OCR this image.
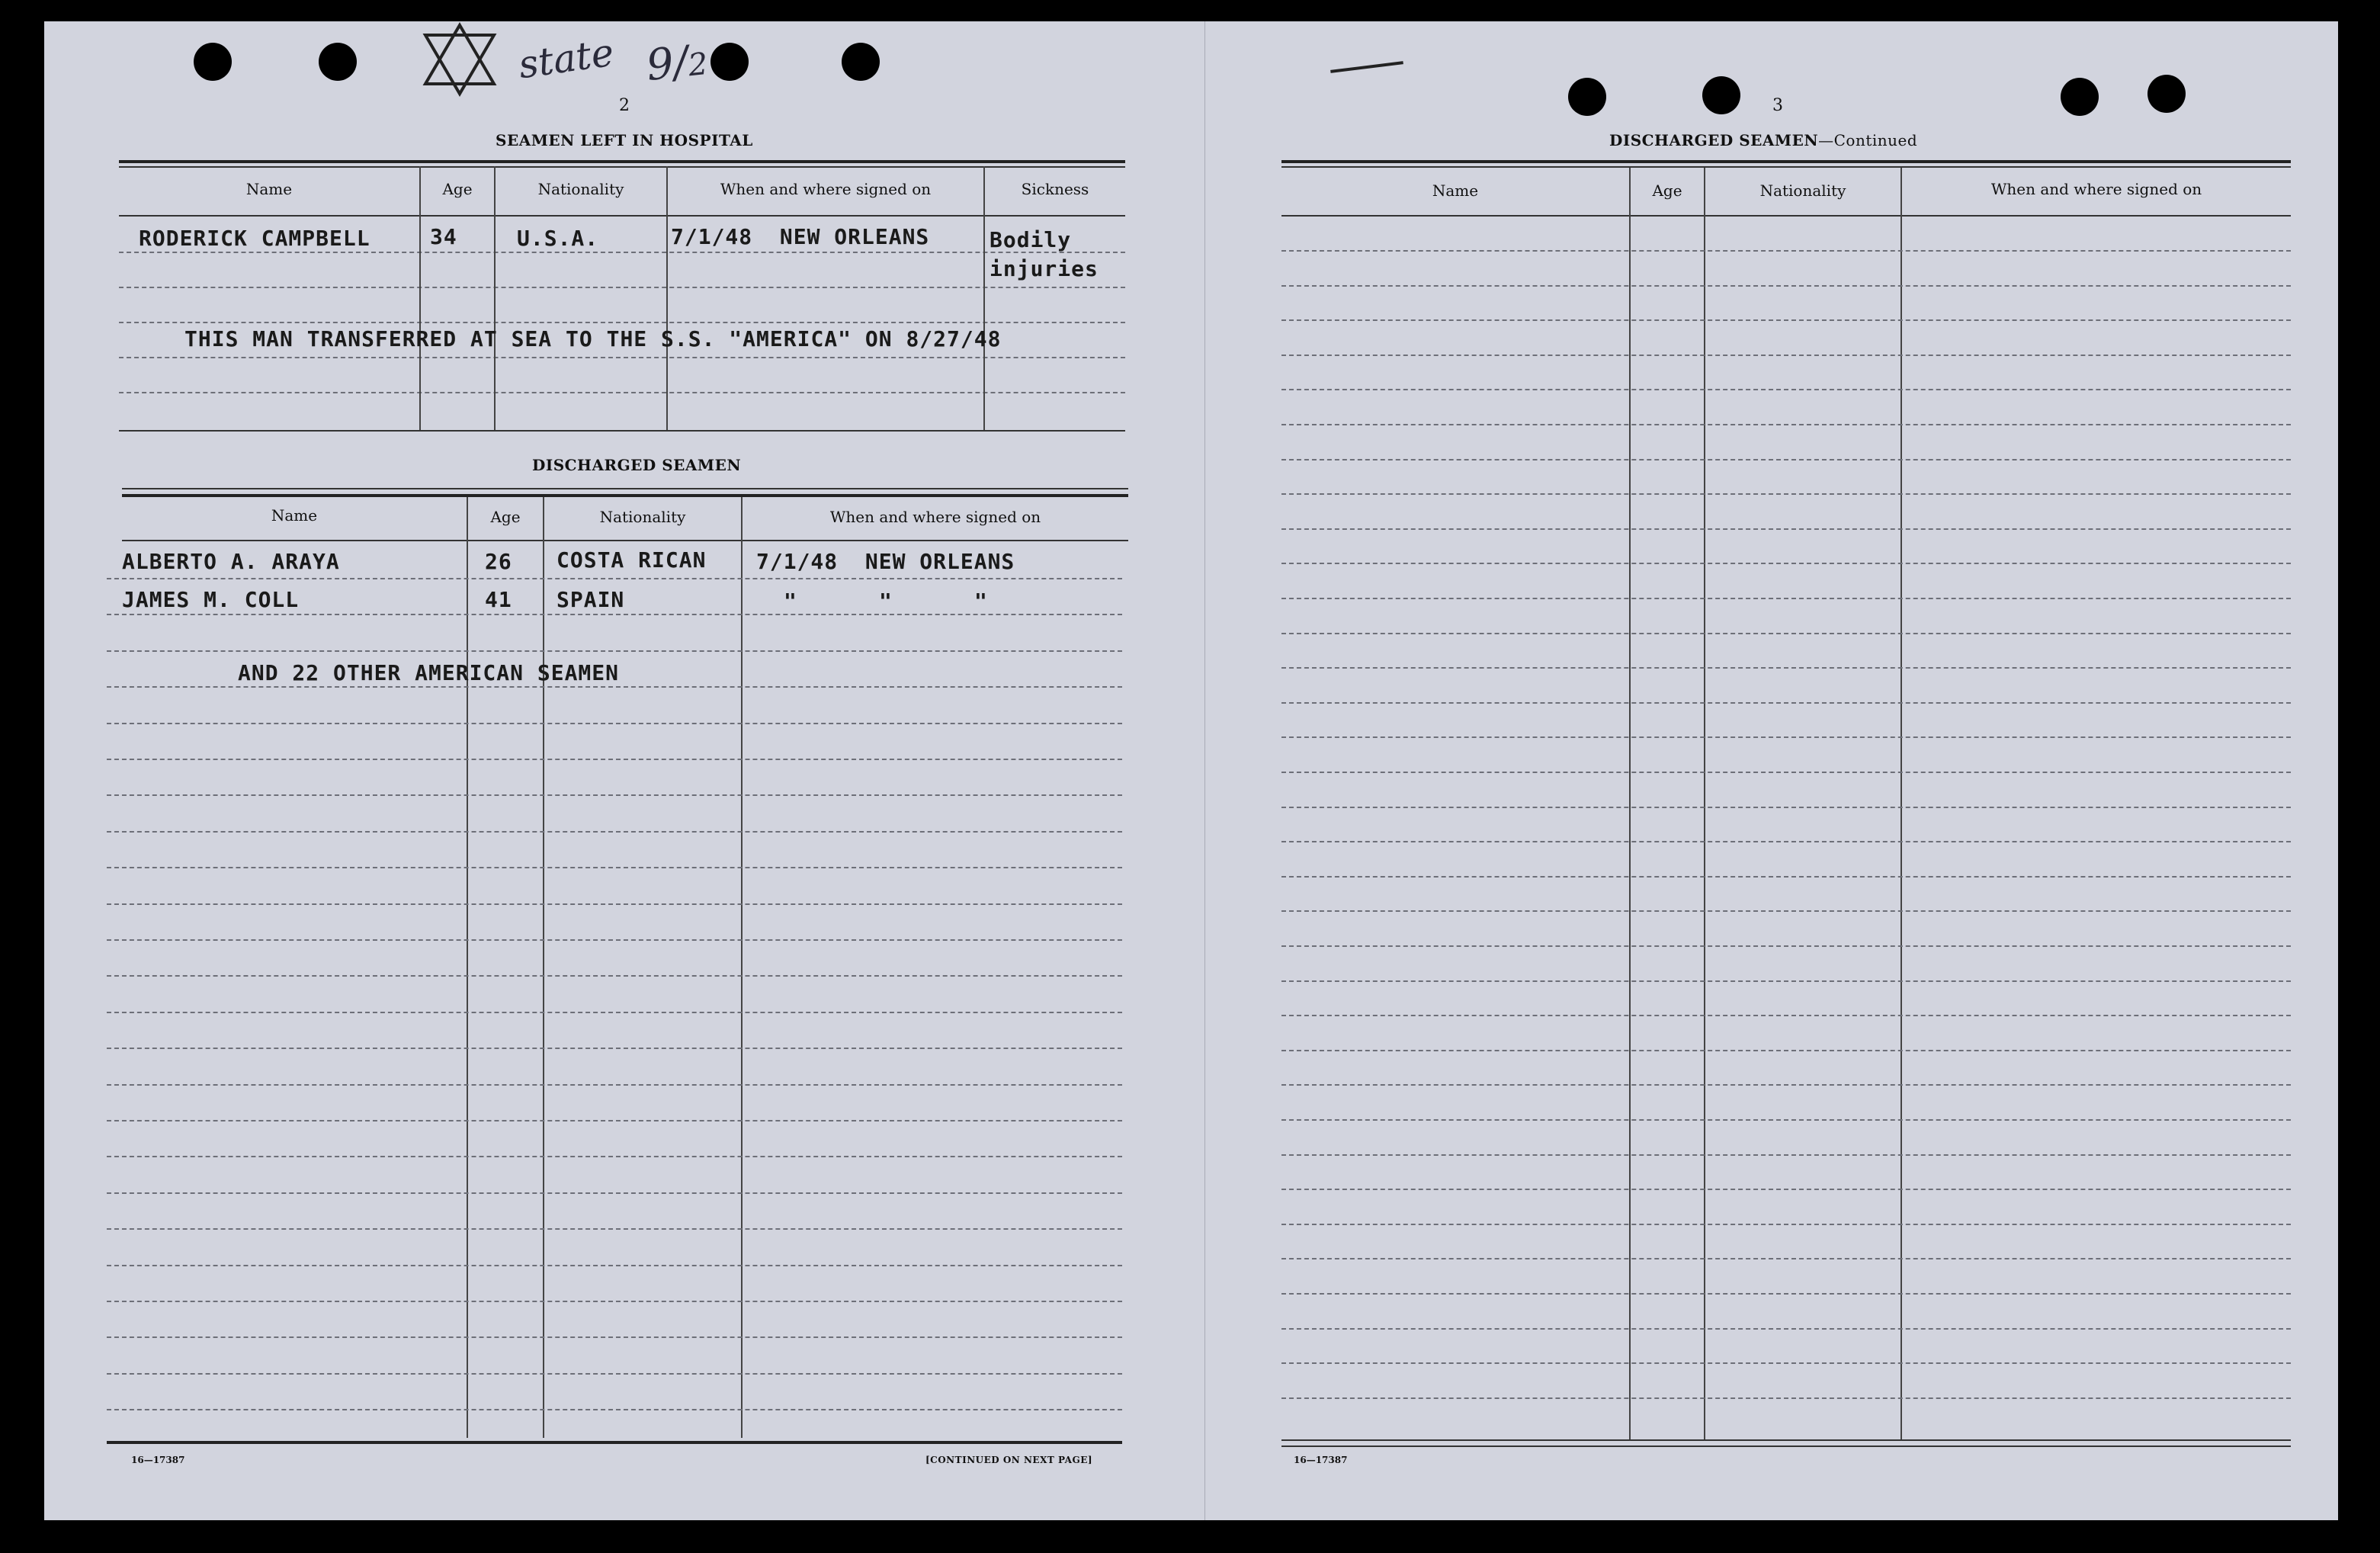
state 9/2
2
SEAMEN LEFT IN HOSPITAL
Name	Age	Nationality	When and where signed on	Sickness
RODERICK CAMPBELL	34	U.S.A.	7/1/48  NEW ORLEANS	Bodily
injuries
THIS MAN TRANSFERRED AT SEA TO THE S.S. "AMERICA" ON 8/27/48
DISCHARGED SEAMEN
Name	Age	Nationality	When and where signed on
ALBERTO A. ARAYA	26 COSTA RICAN 7/1/48  NEW ORLEANS
JAMES M. COLL	41 SPAIN	"      "      "
AND 22 OTHER AMERICAN SEAMEN
16—17387	[CONTINUED ON NEXT PAGE]
3
DISCHARGED SEAMEN—Continued
Name	Age	Nationality	When and where signed on
16—17387
